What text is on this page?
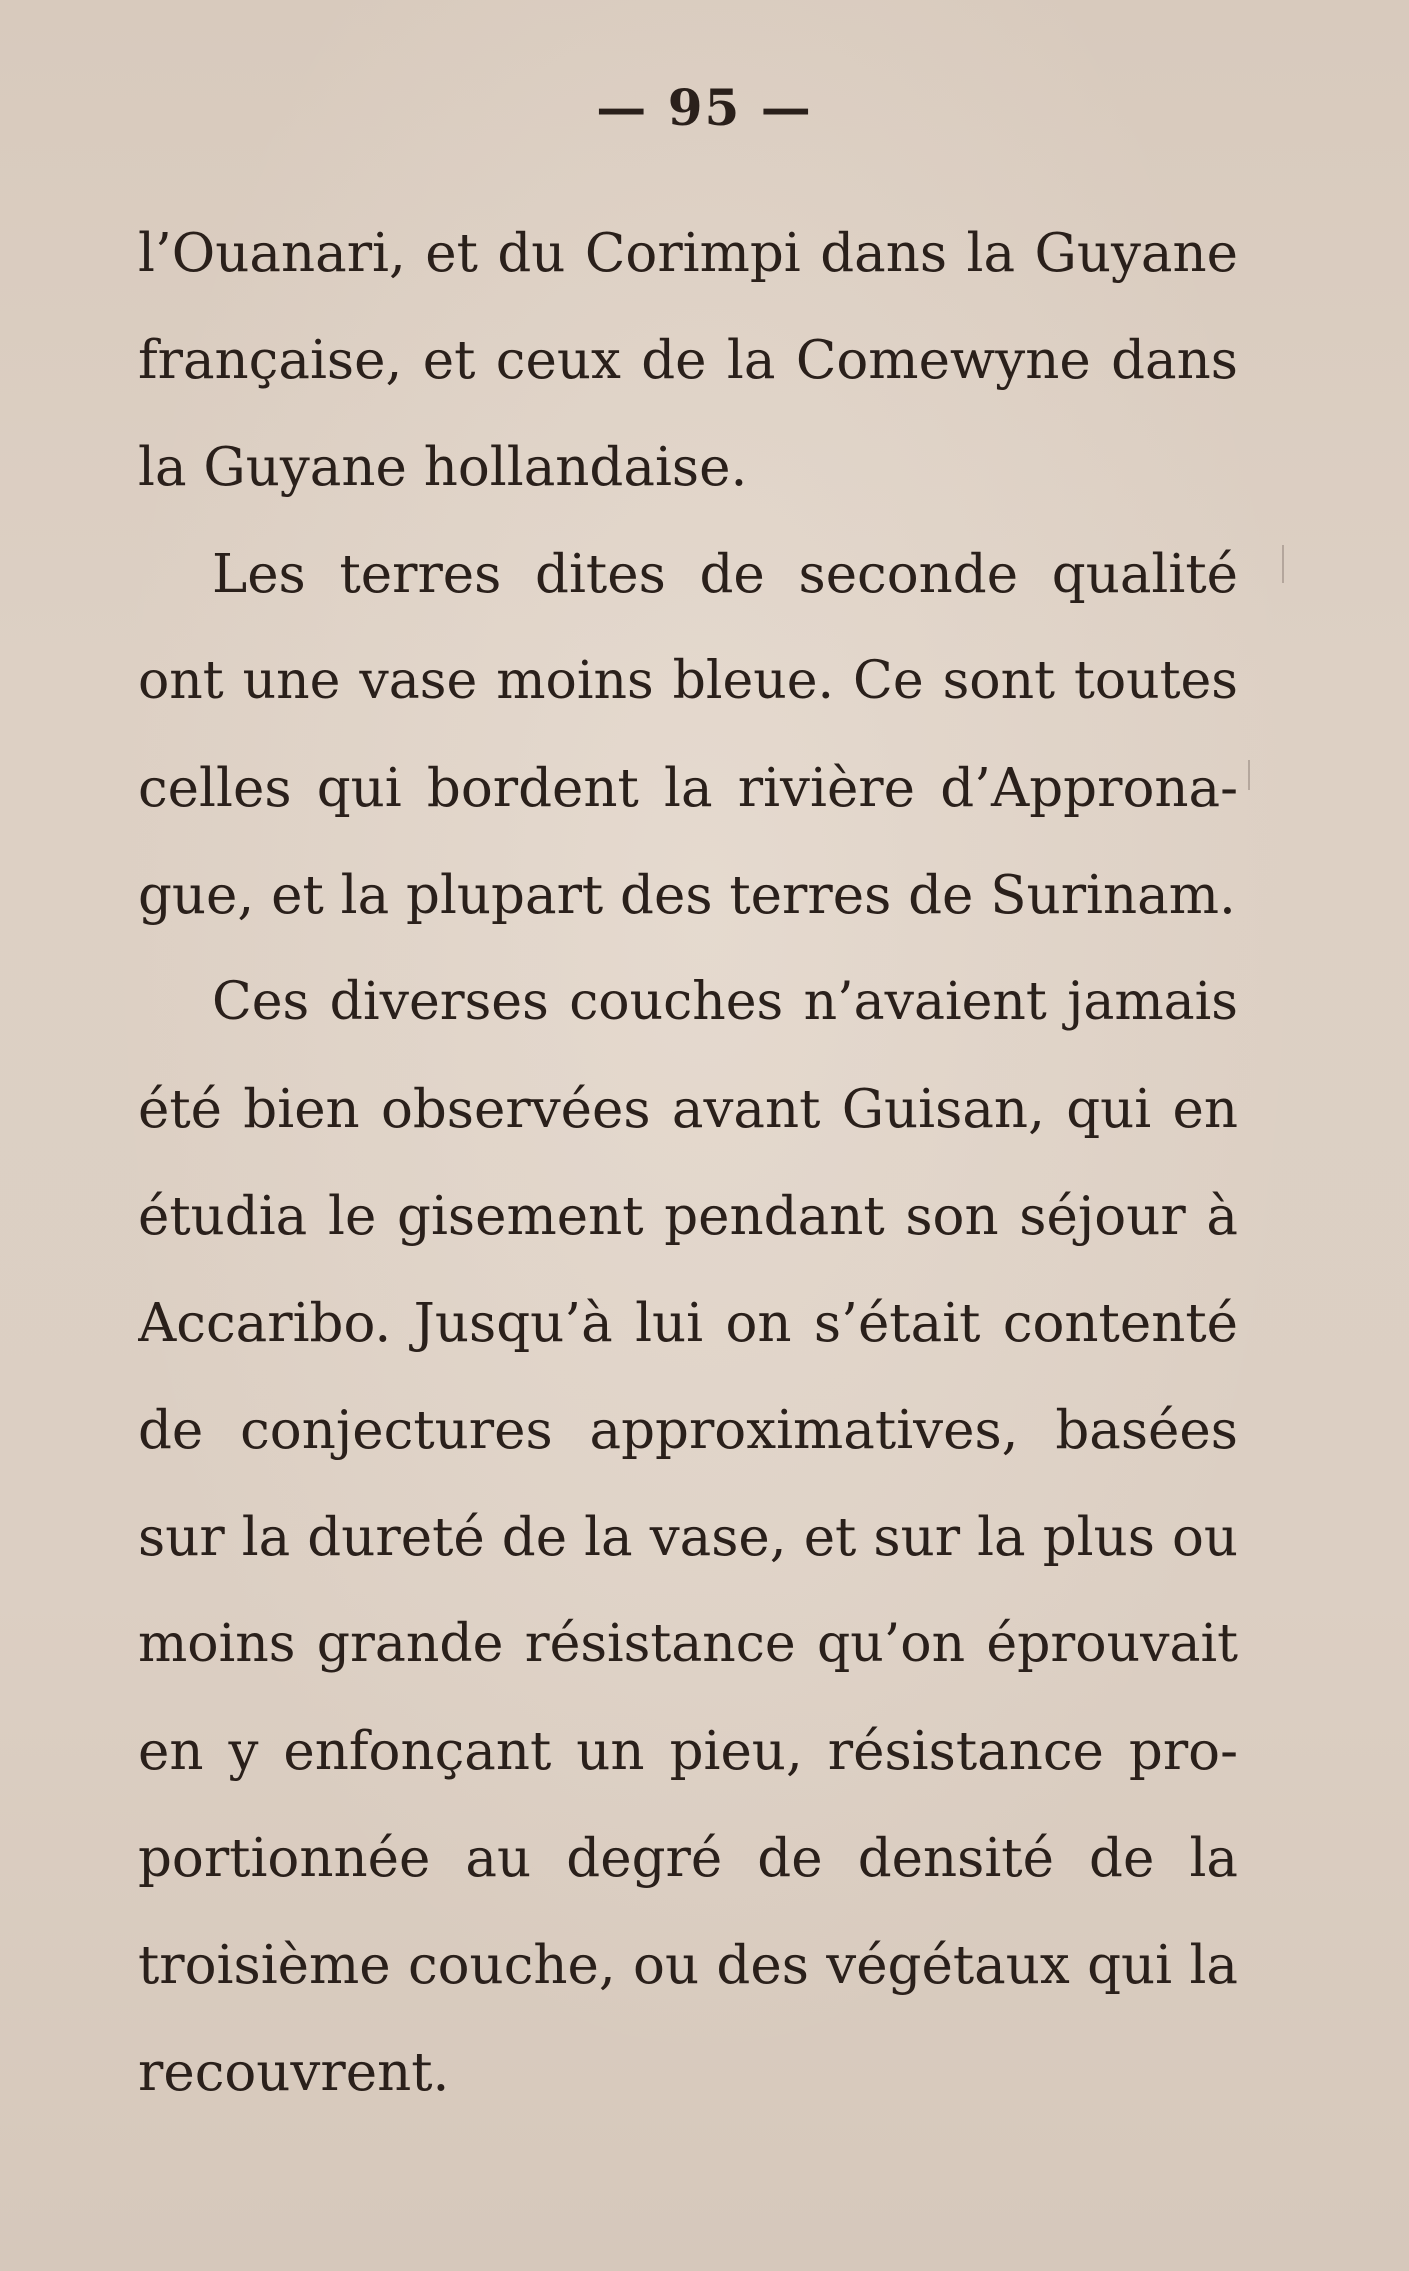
— 95 —
l’Ouanari, et du Corimpi dans la Guyane
française, et ceux de la Comewyne dans
la Guyane hollandaise.
Les terres dites de seconde qualité
ont une vase moins bleue. Ce sont toutes
celles qui bordent la rivière d’Approna-
gue, et la plupart des terres de Surinam.
Ces diverses couches n’avaient jamais
été bien observées avant Guisan, qui en
étudia le gisement pendant son séjour à
Accaribo. Jusqu’à lui on s’était contenté
de conjectures approximatives, basées
sur la dureté de la vase, et sur la plus ou
moins grande résistance qu’on éprouvait
en y enfonçant un pieu, résistance pro-
portionnée au degré de densité de la
troisième couche, ou des végétaux qui la
recouvrent.
